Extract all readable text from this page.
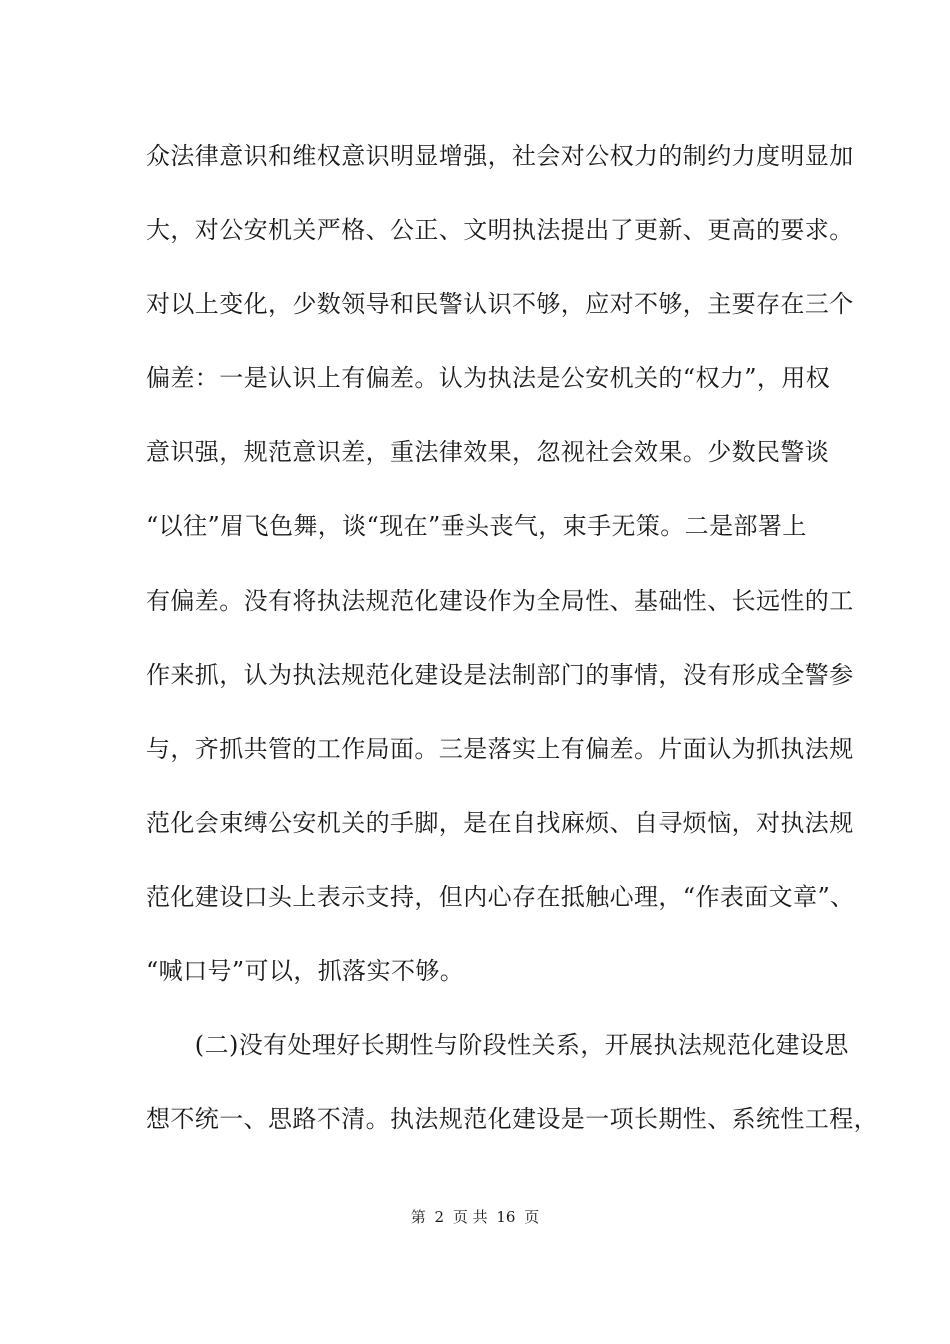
众法律意识和维权意识明显增强，社会对公权力的制约力度明显加
大，对公安机关严格、公正、文明执法提出了更新、更高的要求。
对以上变化，少数领导和民警认识不够，应对不够，主要存在三个
偏差：一是认识上有偏差。认为执法是公安机关的“权力”，用权
意识强，规范意识差，重法律效果，忽视社会效果。少数民警谈
“以往”眉飞色舞，谈“现在”垂头丧气，束手无策。二是部署上
有偏差。没有将执法规范化建设作为全局性、基础性、长远性的工
作来抓，认为执法规范化建设是法制部门的事情，没有形成全警参
与，齐抓共管的工作局面。三是落实上有偏差。片面认为抓执法规
范化会束缚公安机关的手脚，是在自找麻烦、自寻烦恼，对执法规
范化建设口头上表示支持，但内心存在抵触心理，“作表面文章”、
“喊口号”可以，抓落实不够。
　　(二)没有处理好长期性与阶段性关系，开展执法规范化建设思
想不统一、思路不清。执法规范化建设是一项长期性、系统性工程，
第 2 页 共 16 页
